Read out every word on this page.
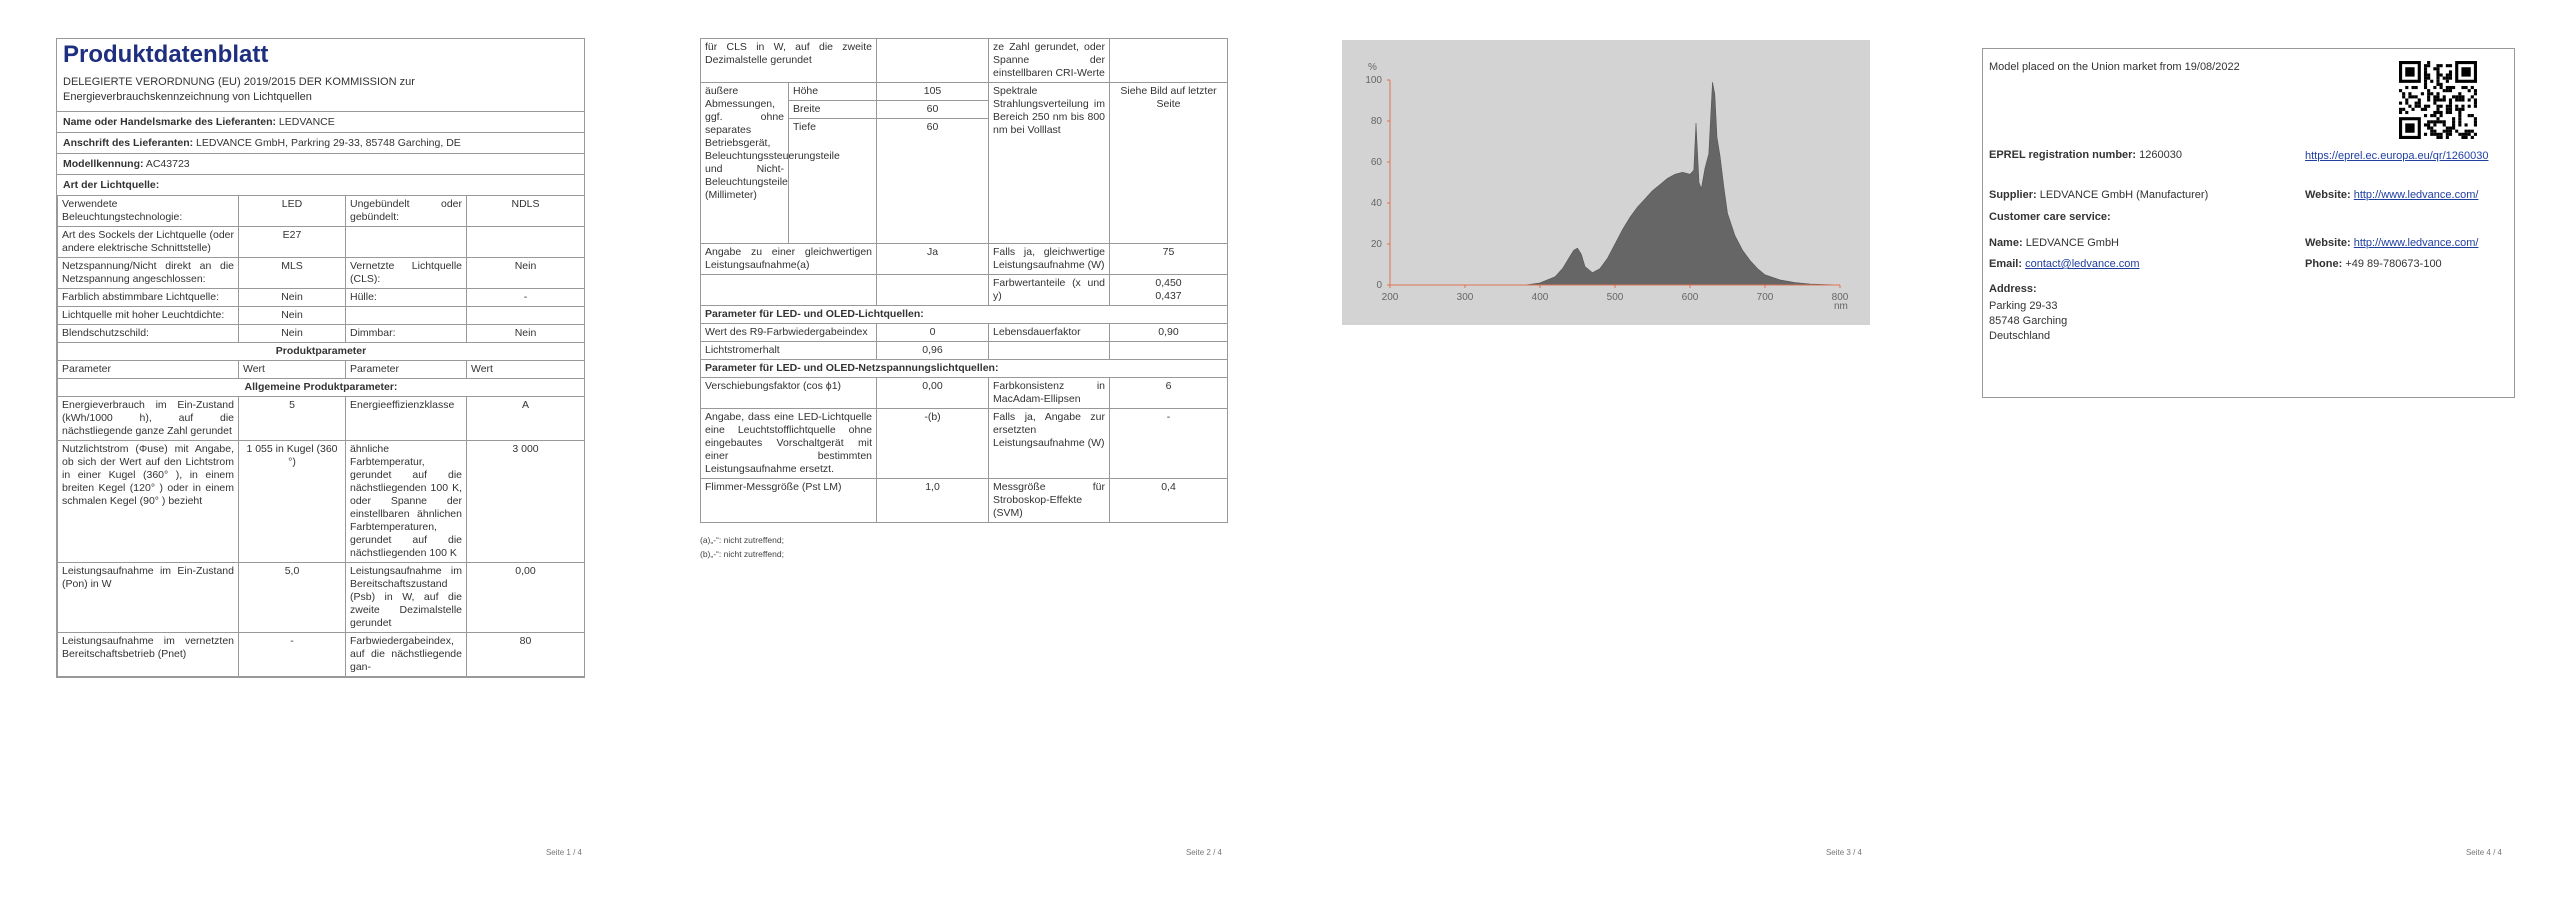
Produktdatenblatt
DELEGIERTE VERORDNUNG (EU) 2019/2015 DER KOMMISSION zur Energieverbrauchskennzeichnung von Lichtquellen
Name oder Handelsmarke des Lieferanten: LEDVANCE
Anschrift des Lieferanten: LEDVANCE GmbH, Parkring 29-33, 85748 Garching, DE
Modellkennung: AC43723
Art der Lichtquelle:
Verwendete Beleuchtungstechnologie:	LED	Ungebündelt oder gebündelt:	NDLS
Art des Sockels der Lichtquelle (oder andere elektrische Schnittstelle)	E27		
Netzspannung/Nicht direkt an die Netzspannung angeschlossen:	MLS	Vernetzte Lichtquelle (CLS):	Nein
Farblich abstimmbare Lichtquelle:	Nein	Hülle:	-
Lichtquelle mit hoher Leuchtdichte:	Nein		
Blendschutzschild:	Nein	Dimmbar:	Nein
Produktparameter			
Parameter	Wert	Parameter	Wert
Allgemeine Produktparameter:			
Energieverbrauch im Ein-Zustand (kWh/1000 h), auf die nächstliegende ganze Zahl gerundet	5	Energieeffizienzklasse	A
Nutzlichtstrom (Φuse) mit Angabe, ob sich der Wert auf den Lichtstrom in einer Kugel (360° ), in einem breiten Kegel (120° ) oder in einem schmalen Kegel (90° ) bezieht	1 055 in Kugel (360 °)	ähnliche Farbtemperatur, gerundet auf die nächstliegenden 100 K, oder Spanne der einstellbaren ähnlichen Farbtemperaturen, gerundet auf die nächstliegenden 100 K	3 000
Leistungsaufnahme im Ein-Zustand (Pon) in W	5,0	Leistungsaufnahme im Bereitschaftszustand (Psb) in W, auf die zweite Dezimalstelle gerundet	0,00
Leistungsaufnahme im vernetzten Bereitschaftsbetrieb (Pnet)	-	Farbwiedergabeindex, auf die nächstliegende gan-	80
Seite 1 / 4	Seite 2 / 4
für CLS in W, auf die zweite Dezimalstelle gerundet			ze Zahl gerundet, oder Spanne der einstellbaren CRI-Werte	
äußere Abmessungen, ggf. ohne separates Betriebsgerät, Beleuchtungssteuerungsteile und Nicht-Beleuchtungsteile (Millimeter)	Höhe	105	Spektrale Strahlungsverteilung im Bereich 250 nm bis 800 nm bei Volllast	Siehe Bild auf letzter Seite
	Breite	60		
	Tiefe	60		
Angabe zu einer gleichwertigen Leistungsaufnahme(a)		Ja	Falls ja, gleichwertige Leistungsaufnahme (W)	75
			Farbwertanteile (x und y)	0,450
0,437

Parameter für LED- und OLED-Lichtquellen:				
Wert des R9-Farbwiedergabeindex		0	Lebensdauerfaktor	0,90
Lichtstromerhalt		0,96		
Parameter für LED- und OLED-Netzspannungslichtquellen:				
Verschiebungsfaktor (cos ϕ1)		0,00	Farbkonsistenz in MacAdam-Ellipsen	6
Angabe, dass eine LED-Lichtquelle eine Leuchtstofflichtquelle ohne eingebautes Vorschaltgerät mit einer bestimmten Leistungsaufnahme ersetzt.		-(b)	Falls ja, Angabe zur ersetzten Leistungsaufnahme (W)	-
Flimmer-Messgröße (Pst LM)		1,0	Messgröße für Stroboskop-Effekte (SVM)	0,4
(a)„-“: nicht zutreffend;
(b)„-“: nicht zutreffend;
Seite 3 / 4
0
20
40
60
80
100
200	300	400	500	600	700	800
%
nm
Seite 4 / 4
Model placed on the Union market from 19/08/2022
EPREL registration number: 1260030	https://eprel.ec.europa.eu/qr/1260030
Supplier: LEDVANCE GmbH (Manufacturer)	Website: http://www.ledvance.com/
Customer care service:
Name: LEDVANCE GmbH	Website: http://www.ledvance.com/
Email: contact@ledvance.com	Phone: +49 89-780673-100
Address:
Parking 29-33
85748 Garching
Deutschland
